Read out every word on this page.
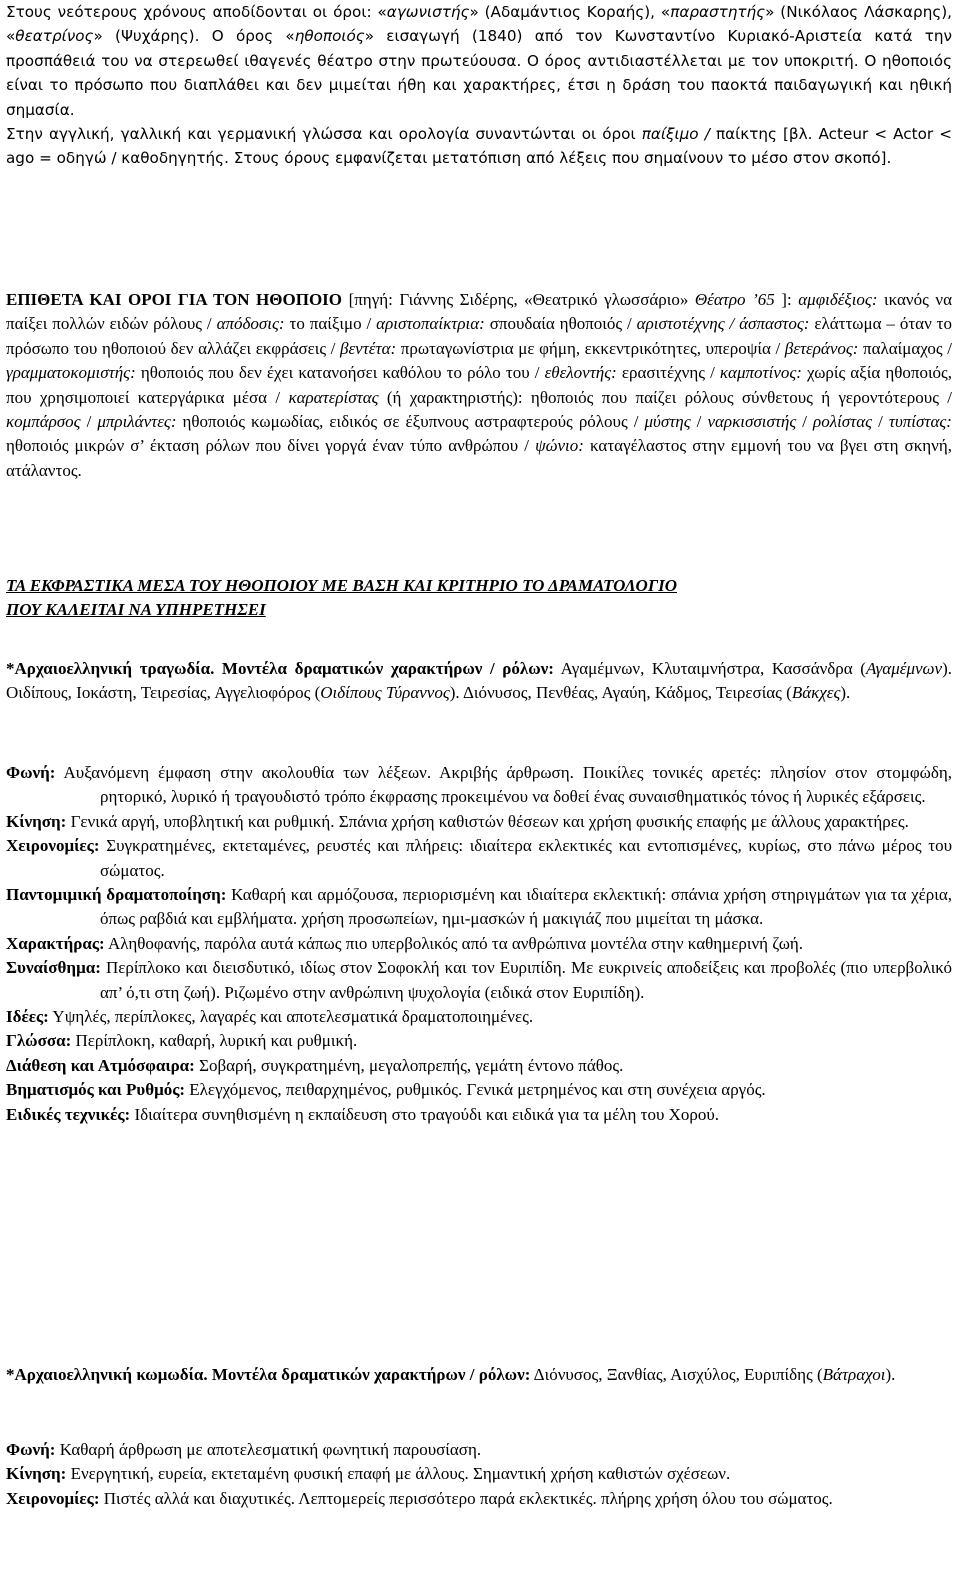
Στους νεότερους χρόνους αποδίδονται οι όροι: «αγωνιστής» (Αδαμάντιος Κοραής), «παραστητής» (Νικόλαος Λάσκαρης), «θεατρίνος» (Ψυχάρης). Ο όρος «ηθοποιός» εισαγωγή (1840) από τον Κωνσταντίνο Κυριακό-Αριστεία κατά την προσπάθειά του να στερεωθεί ιθαγενές θέατρο στην πρωτεύουσα. Ο όρος αντιδιαστέλλεται με τον υποκριτή. Ο ηθοποιός είναι το πρόσωπο που διαπλάθει και δεν μιμείται ήθη και χαρακτήρες, έτσι η δράση του παοκτά παιδαγωγική και ηθική σημασία.

Στην αγγλική, γαλλική και γερμανική γλώσσα και ορολογία συναντώνται οι όροι παίξιμο / παίκτης [βλ. Acteur < Actor < ago = οδηγώ / καθοδηγητής. Στους όρους εμφανίζεται μετατόπιση από λέξεις που σημαίνουν το μέσο στον σκοπό].

ΕΠΙΘΕΤΑ ΚΑΙ ΟΡΟΙ ΓΙΑ ΤΟΝ ΗΘΟΠΟΙΟ [πηγή: Γιάννης Σιδέρης, «Θεατρικό γλωσσάριο» Θέατρο ’65 ]: αμφιδέξιος: ικανός να παίξει πολλών ειδών ρόλους / απόδοσις: το παίξιμο / αριστοπαίκτρια: σπουδαία ηθοποιός / αριστοτέχνης / άσπαστος: ελάττωμα – όταν το πρόσωπο του ηθοποιού δεν αλλάζει εκφράσεις / βεντέτα: πρωταγωνίστρια με φήμη, εκκεντρικότητες, υπεροψία / βετεράνος: παλαίμαχος / γραμματοκομιστής: ηθοποιός που δεν έχει κατανοήσει καθόλου το ρόλο του / εθελοντής: ερασιτέχνης / καμποτίνος: χωρίς αξία ηθοποιός, που χρησιμοποιεί κατεργάρικα μέσα / καρατερίστας (ή χαρακτηριστής): ηθοποιός που παίζει ρόλους σύνθετους ή γεροντότερους / κομπάρσος / μπριλάντες: ηθοποιός κωμωδίας, ειδικός σε έξυπνους αστραφτερούς ρόλους / μύστης / ναρκισσιστής / ρολίστας / τυπίστας: ηθοποιός μικρών σ’ έκταση ρόλων που δίνει γοργά έναν τύπο ανθρώπου / ψώνιο: καταγέλαστος στην εμμονή του να βγει στη σκηνή, ατάλαντος.

ΤΑ ΕΚΦΡΑΣΤΙΚΑ ΜΕΣΑ ΤΟΥ ΗΘΟΠΟΙΟΥ ΜΕ ΒΑΣΗ ΚΑΙ ΚΡΙΤΗΡΙΟ ΤΟ ΔΡΑΜΑΤΟΛΟΓΙΟ
ΠΟΥ ΚΑΛΕΙΤΑΙ ΝΑ ΥΠΗΡΕΤΗΣΕΙ

*Αρχαιοελληνική τραγωδία. Μοντέλα δραματικών χαρακτήρων / ρόλων: Αγαμέμνων, Κλυταιμνήστρα, Κασσάνδρα (Αγαμέμνων). Οιδίπους, Ιοκάστη, Τειρεσίας, Αγγελιοφόρος (Οιδίπους Τύραννος). Διόνυσος, Πενθέας, Αγαύη, Κάδμος, Τειρεσίας (Βάκχες).

Φωνή: Αυξανόμενη έμφαση στην ακολουθία των λέξεων. Ακριβής άρθρωση. Ποικίλες τονικές αρετές: πλησίον στον στομφώδη, ρητορικό, λυρικό ή τραγουδιστό τρόπο έκφρασης προκειμένου να δοθεί ένας συναισθηματικός τόνος ή λυρικές εξάρσεις.

Κίνηση: Γενικά αργή, υποβλητική και ρυθμική. Σπάνια χρήση καθιστών θέσεων και χρήση φυσικής επαφής με άλλους χαρακτήρες.

Χειρονομίες: Συγκρατημένες, εκτεταμένες, ρευστές και πλήρεις: ιδιαίτερα εκλεκτικές και εντοπισμένες, κυρίως, στο πάνω μέρος του σώματος.

Παντομιμική δραματοποίηση: Καθαρή και αρμόζουσα, περιορισμένη και ιδιαίτερα εκλεκτική: σπάνια χρήση στηριγμάτων για τα χέρια, όπως ραβδιά και εμβλήματα. χρήση προσωπείων, ημι-μασκών ή μακιγιάζ που μιμείται τη μάσκα.

Χαρακτήρας: Αληθοφανής, παρόλα αυτά κάπως πιο υπερβολικός από τα ανθρώπινα μοντέλα στην καθημερινή ζωή.

Συναίσθημα: Περίπλοκο και διεισδυτικό, ιδίως στον Σοφοκλή και τον Ευριπίδη. Με ευκρινείς αποδείξεις και προβολές (πιο υπερβολικό απ’ ό,τι στη ζωή). Ριζωμένο στην ανθρώπινη ψυχολογία (ειδικά στον Ευριπίδη).

Ιδέες: Υψηλές, περίπλοκες, λαγαρές και αποτελεσματικά δραματοποιημένες.

Γλώσσα: Περίπλοκη, καθαρή, λυρική και ρυθμική.

Διάθεση και Ατμόσφαιρα: Σοβαρή, συγκρατημένη, μεγαλοπρεπής, γεμάτη έντονο πάθος.

Βηματισμός και Ρυθμός: Ελεγχόμενος, πειθαρχημένος, ρυθμικός. Γενικά μετρημένος και στη συνέχεια αργός.

Ειδικές τεχνικές: Ιδιαίτερα συνηθισμένη η εκπαίδευση στο τραγούδι και ειδικά για τα μέλη του Χορού.

*Αρχαιοελληνική κωμωδία. Μοντέλα δραματικών χαρακτήρων / ρόλων: Διόνυσος, Ξανθίας, Αισχύλος, Ευριπίδης (Βάτραχοι).

Φωνή: Καθαρή άρθρωση με αποτελεσματική φωνητική παρουσίαση.

Κίνηση: Ενεργητική, ευρεία, εκτεταμένη φυσική επαφή με άλλους. Σημαντική χρήση καθιστών σχέσεων.

Χειρονομίες: Πιστές αλλά και διαχυτικές. Λεπτομερείς περισσότερο παρά εκλεκτικές. πλήρης χρήση όλου του σώματος.
